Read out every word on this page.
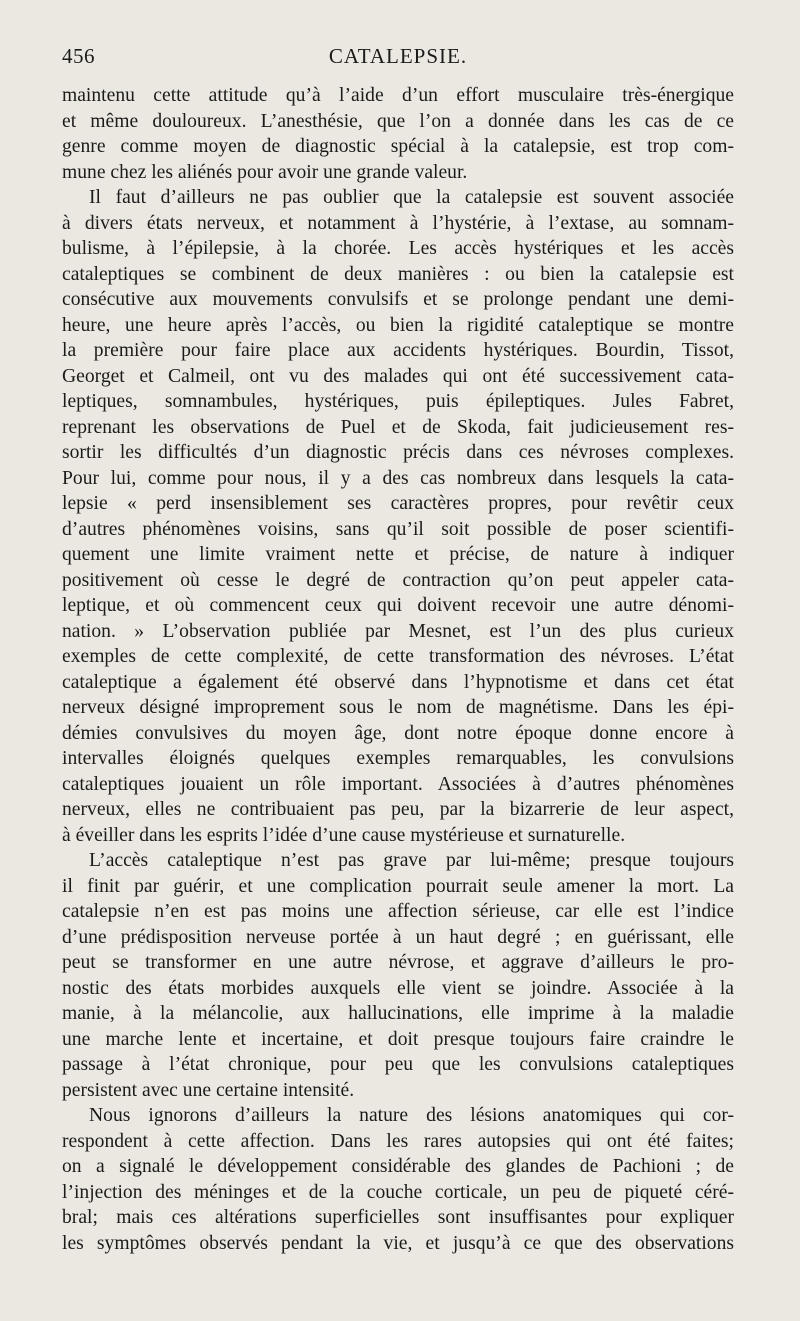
456	CATALEPSIE.
maintenu cette attitude qu’à l’aide d’un effort musculaire très-énergique
et même douloureux. L’anesthésie, que l’on a donnée dans les cas de ce
genre comme moyen de diagnostic spécial à la catalepsie, est trop com-
mune chez les aliénés pour avoir une grande valeur.
Il faut d’ailleurs ne pas oublier que la catalepsie est souvent associée
à divers états nerveux, et notamment à l’hystérie, à l’extase, au somnam-
bulisme, à l’épilepsie, à la chorée. Les accès hystériques et les accès
cataleptiques se combinent de deux manières : ou bien la catalepsie est
consécutive aux mouvements convulsifs et se prolonge pendant une demi-
heure, une heure après l’accès, ou bien la rigidité cataleptique se montre
la première pour faire place aux accidents hystériques. Bourdin, Tissot,
Georget et Calmeil, ont vu des malades qui ont été successivement cata-
leptiques, somnambules, hystériques, puis épileptiques. Jules Fabret,
reprenant les observations de Puel et de Skoda, fait judicieusement res-
sortir les difficultés d’un diagnostic précis dans ces névroses complexes.
Pour lui, comme pour nous, il y a des cas nombreux dans lesquels la cata-
lepsie « perd insensiblement ses caractères propres, pour revêtir ceux
d’autres phénomènes voisins, sans qu’il soit possible de poser scientifi-
quement une limite vraiment nette et précise, de nature à indiquer
positivement où cesse le degré de contraction qu’on peut appeler cata-
leptique, et où commencent ceux qui doivent recevoir une autre dénomi-
nation. » L’observation publiée par Mesnet, est l’un des plus curieux
exemples de cette complexité, de cette transformation des névroses. L’état
cataleptique a également été observé dans l’hypnotisme et dans cet état
nerveux désigné improprement sous le nom de magnétisme. Dans les épi-
démies convulsives du moyen âge, dont notre époque donne encore à
intervalles éloignés quelques exemples remarquables, les convulsions
cataleptiques jouaient un rôle important. Associées à d’autres phénomènes
nerveux, elles ne contribuaient pas peu, par la bizarrerie de leur aspect,
à éveiller dans les esprits l’idée d’une cause mystérieuse et surnaturelle.
L’accès cataleptique n’est pas grave par lui-même; presque toujours
il finit par guérir, et une complication pourrait seule amener la mort. La
catalepsie n’en est pas moins une affection sérieuse, car elle est l’indice
d’une prédisposition nerveuse portée à un haut degré ; en guérissant, elle
peut se transformer en une autre névrose, et aggrave d’ailleurs le pro-
nostic des états morbides auxquels elle vient se joindre. Associée à la
manie, à la mélancolie, aux hallucinations, elle imprime à la maladie
une marche lente et incertaine, et doit presque toujours faire craindre le
passage à l’état chronique, pour peu que les convulsions cataleptiques
persistent avec une certaine intensité.
Nous ignorons d’ailleurs la nature des lésions anatomiques qui cor-
respondent à cette affection. Dans les rares autopsies qui ont été faites;
on a signalé le développement considérable des glandes de Pachioni ; de
l’injection des méninges et de la couche corticale, un peu de piqueté céré-
bral; mais ces altérations superficielles sont insuffisantes pour expliquer
les symptômes observés pendant la vie, et jusqu’à ce que des observations
